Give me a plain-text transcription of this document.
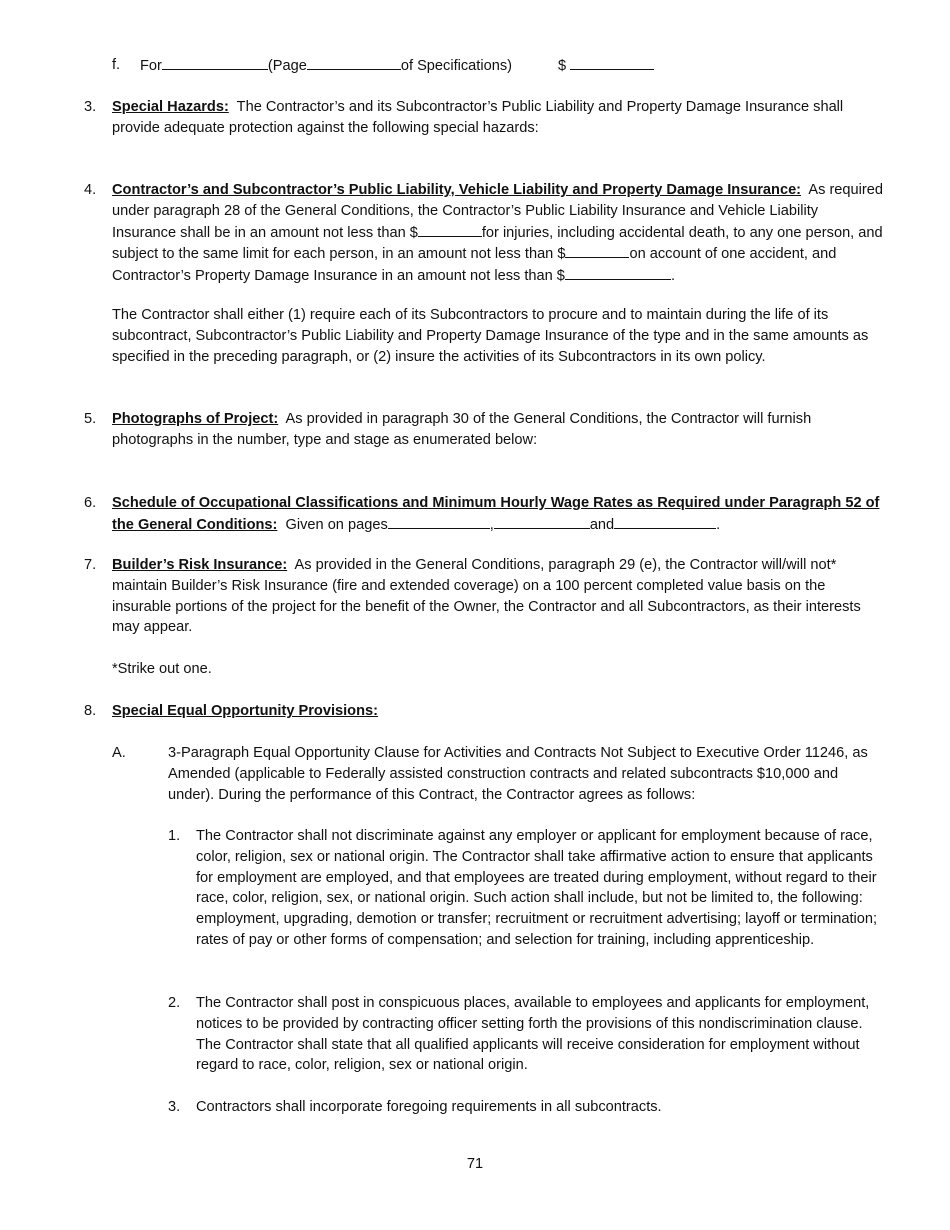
f. For	(Page	of Specifications)	$
3. Special Hazards: The Contractor’s and its Subcontractor’s Public Liability and Property Damage Insurance shall provide adequate protection against the following special hazards:
4. Contractor’s and Subcontractor’s Public Liability, Vehicle Liability and Property Damage Insurance: As required under paragraph 28 of the General Conditions, the Contractor’s Public Liability Insurance and Vehicle Liability Insurance shall be in an amount not less than $	for injuries, including accidental death, to any one person, and subject to the same limit for each person, in an amount not less than $	on account of one accident, and Contractor’s Property Damage Insurance in an amount not less than $	.
The Contractor shall either (1) require each of its Subcontractors to procure and to maintain during the life of its subcontract, Subcontractor’s Public Liability and Property Damage Insurance of the type and in the same amounts as specified in the preceding paragraph, or (2) insure the activities of its Subcontractors in its own policy.
5. Photographs of Project: As provided in paragraph 30 of the General Conditions, the Contractor will furnish photographs in the number, type and stage as enumerated below:
6. Schedule of Occupational Classifications and Minimum Hourly Wage Rates as Required under Paragraph 52 of the General Conditions: Given on pages	,	and	.
7. Builder’s Risk Insurance: As provided in the General Conditions, paragraph 29 (e), the Contractor will/will not* maintain Builder’s Risk Insurance (fire and extended coverage) on a 100 percent completed value basis on the insurable portions of the project for the benefit of the Owner, the Contractor and all Subcontractors, as their interests may appear.
*Strike out one.
8. Special Equal Opportunity Provisions:
A.	3-Paragraph Equal Opportunity Clause for Activities and Contracts Not Subject to Executive Order 11246, as Amended (applicable to Federally assisted construction contracts and related subcontracts $10,000 and under). During the performance of this Contract, the Contractor agrees as follows:
1. The Contractor shall not discriminate against any employer or applicant for employment because of race, color, religion, sex or national origin. The Contractor shall take affirmative action to ensure that applicants for employment are employed, and that employees are treated during employment, without regard to their race, color, religion, sex, or national origin. Such action shall include, but not be limited to, the following: employment, upgrading, demotion or transfer; recruitment or recruitment advertising; layoff or termination; rates of pay or other forms of compensation; and selection for training, including apprenticeship.
2. The Contractor shall post in conspicuous places, available to employees and applicants for employment, notices to be provided by contracting officer setting forth the provisions of this nondiscrimination clause. The Contractor shall state that all qualified applicants will receive consideration for employment without regard to race, color, religion, sex or national origin.
3. Contractors shall incorporate foregoing requirements in all subcontracts.
71
